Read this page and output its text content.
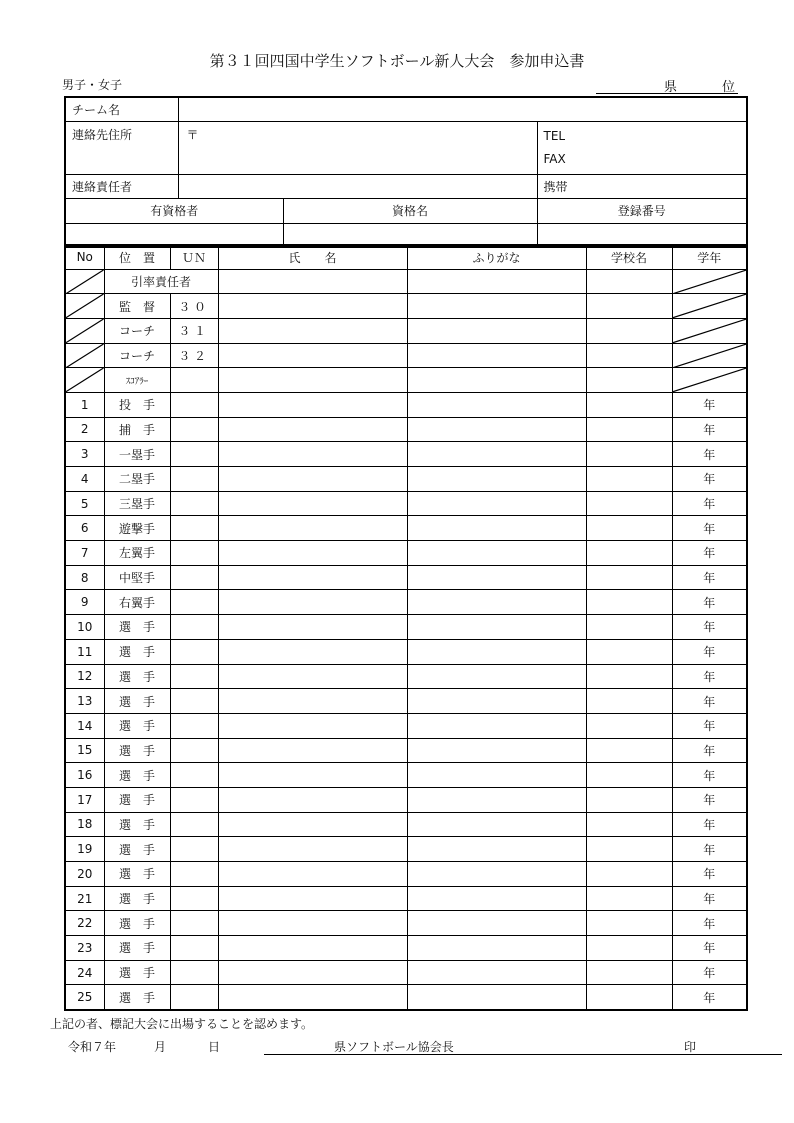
第３１回四国中学生ソフトボール新人大会　参加申込書
男子・女子	県	位
チーム名			
連絡先住所	〒		TEL
FAX

連絡責任者			携帯
有資格者		資格名	登録番号

No	位　置	ＵＮ	氏　　名	ふりがな	学校名	学年

	引率責任者				

	監　督	３０				

	コーチ	３１				

	コーチ	３２				

	ｽｺｱﾗｰ					

1	投　手					年
2	捕　手					年
3	一塁手					年
4	二塁手					年
5	三塁手					年
6	遊撃手					年
7	左翼手					年
8	中堅手					年
9	右翼手					年
10	選　手					年
11	選　手					年
12	選　手					年
13	選　手					年
14	選　手					年
15	選　手					年
16	選　手					年
17	選　手					年
18	選　手					年
19	選　手					年
20	選　手					年
21	選　手					年
22	選　手					年
23	選　手					年
24	選　手					年
25	選　手					年
上記の者、標記大会に出場することを認めます。
令和７年	月	日	県ソフトボール協会長	印
